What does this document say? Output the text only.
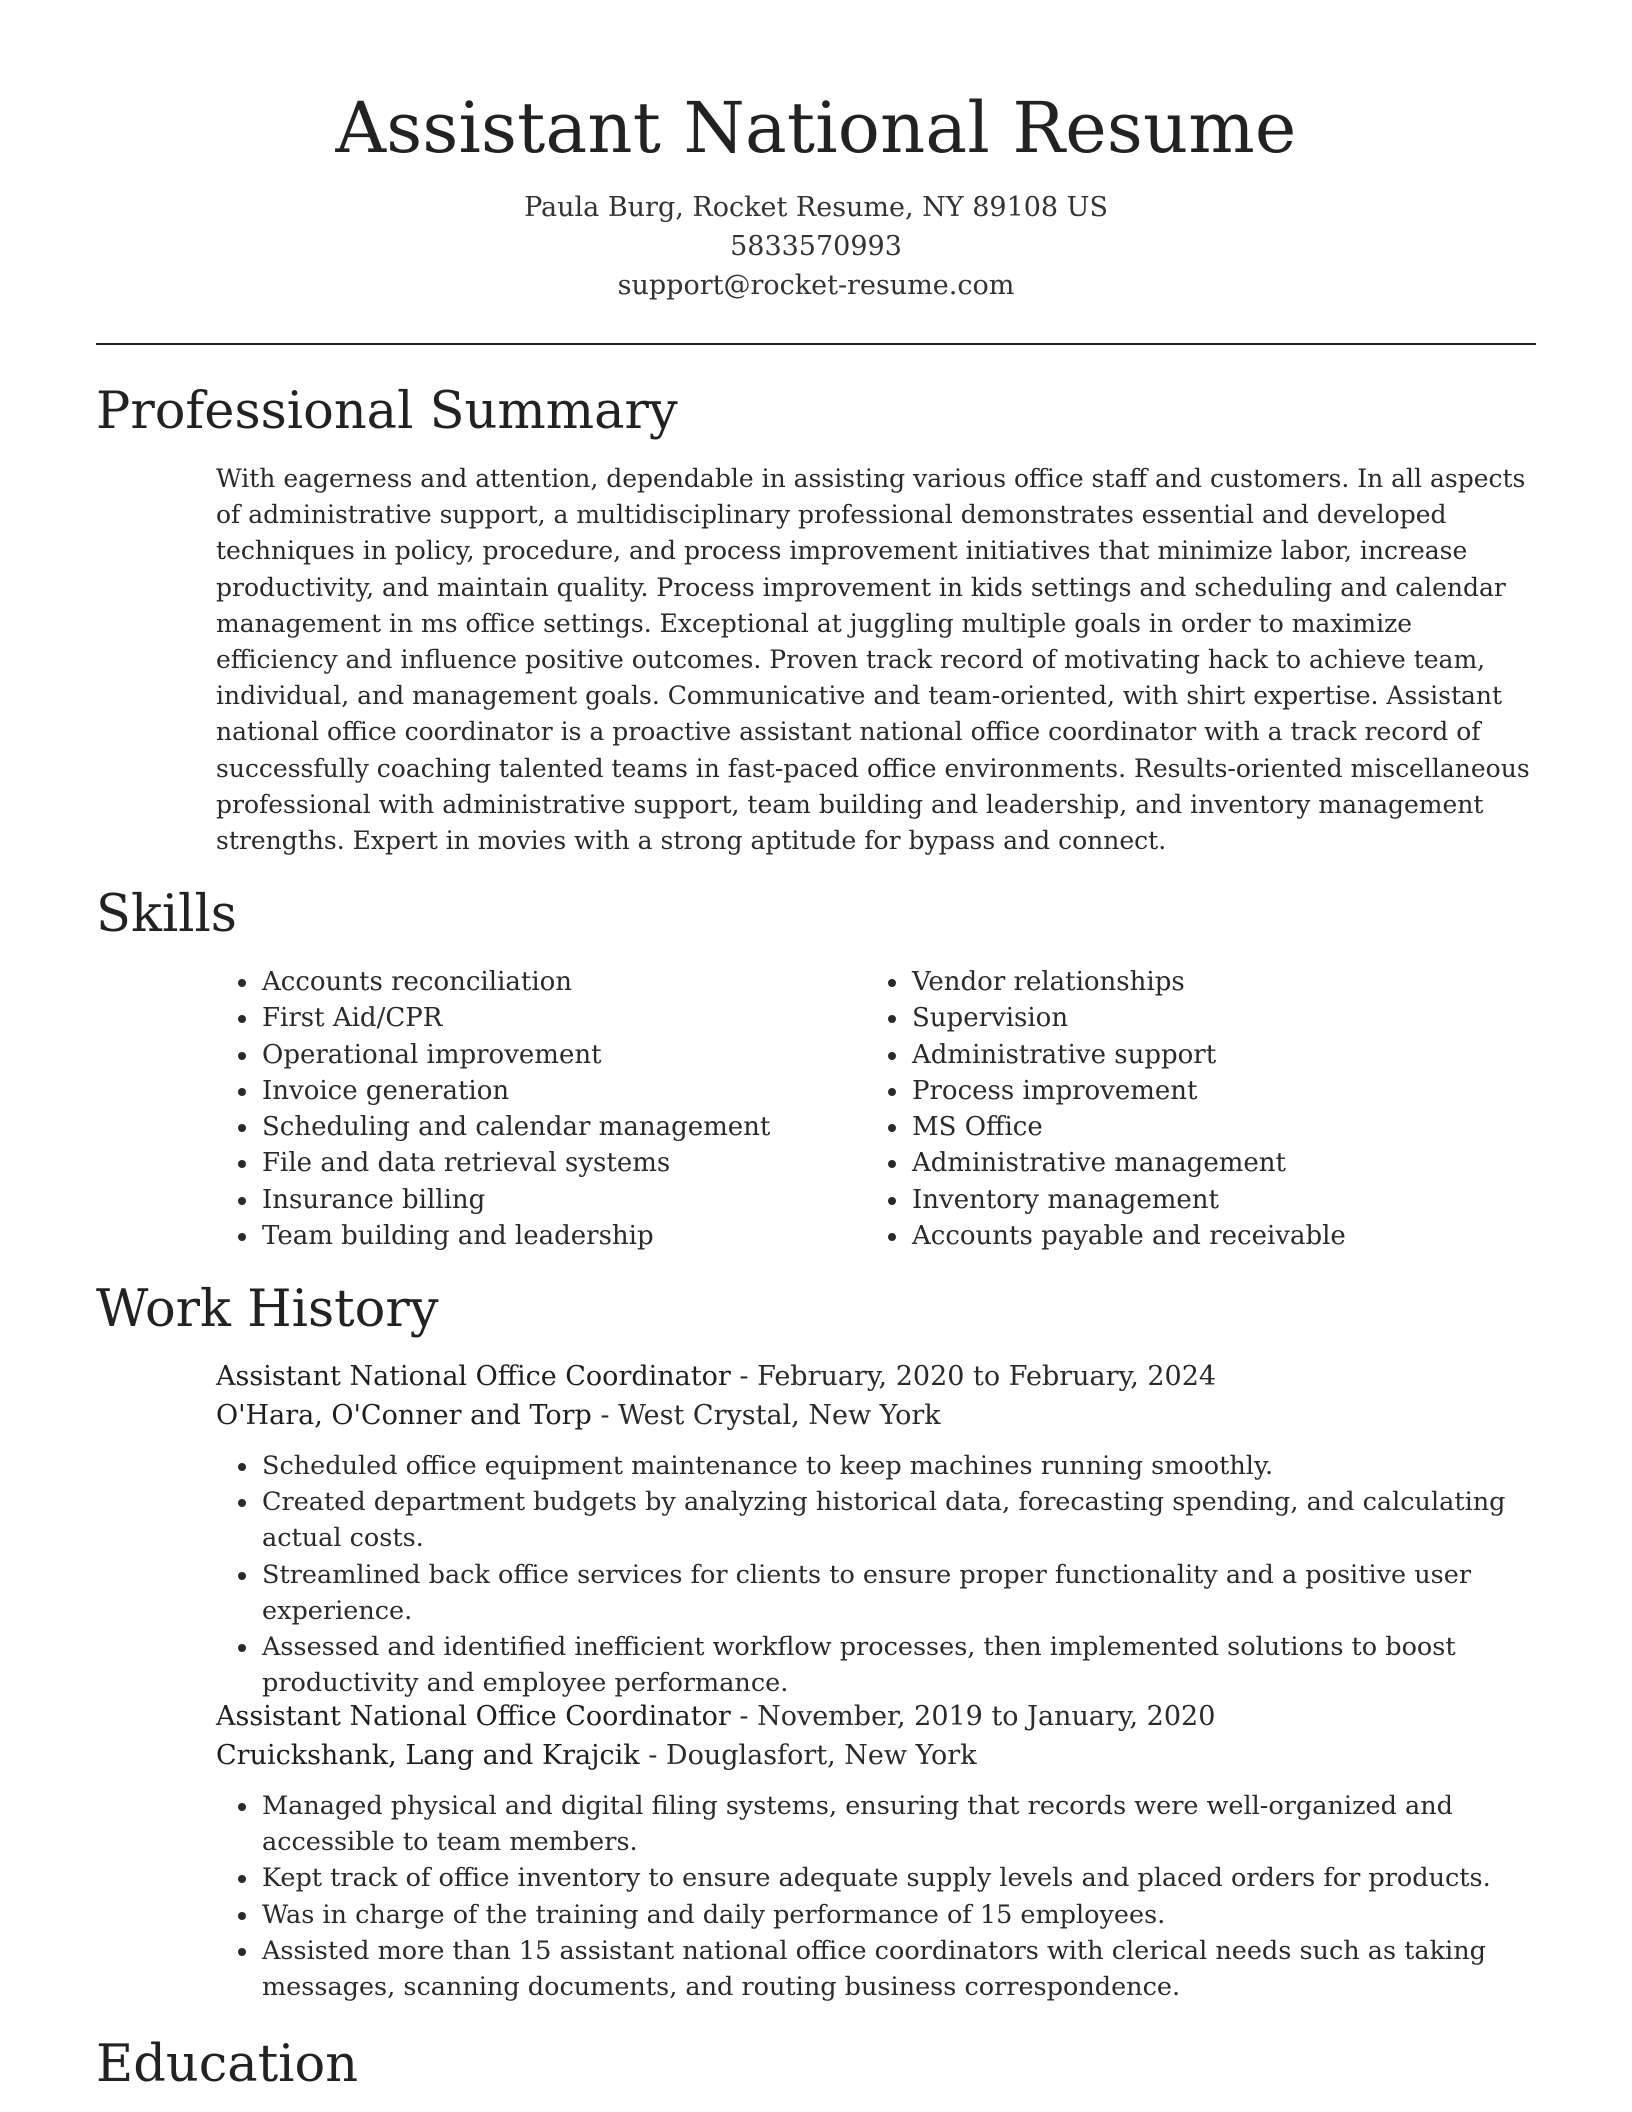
Assistant National Resume
Paula Burg, Rocket Resume, NY 89108 US
5833570993
support@rocket-resume.com
Professional Summary

With eagerness and attention, dependable in assisting various office staff and customers. In all aspects of administrative support, a multidisciplinary professional demonstrates essential and developed techniques in policy, procedure, and process improvement initiatives that minimize labor, increase productivity, and maintain quality. Process improvement in kids settings and scheduling and calendar management in ms office settings. Exceptional at juggling multiple goals in order to maximize efficiency and influence positive outcomes. Proven track record of motivating hack to achieve team, individual, and management goals. Communicative and team-oriented, with shirt expertise. Assistant national office coordinator is a proactive assistant national office coordinator with a track record of successfully coaching talented teams in fast-paced office environments. Results-oriented miscellaneous professional with administrative support, team building and leadership, and inventory management strengths. Expert in movies with a strong aptitude for bypass and connect.

Skills
• Accounts reconciliation
• First Aid/CPR
• Operational improvement
• Invoice generation
• Scheduling and calendar management
• File and data retrieval systems
• Insurance billing
• Team building and leadership
• Vendor relationships
• Supervision
• Administrative support
• Process improvement
• MS Office
• Administrative management
• Inventory management
• Accounts payable and receivable
Work History
Assistant National Office Coordinator - February, 2020 to February, 2024
O'Hara, O'Conner and Torp - West Crystal, New York
• Scheduled office equipment maintenance to keep machines running smoothly.
• Created department budgets by analyzing historical data, forecasting spending, and calculating actual costs.
• Streamlined back office services for clients to ensure proper functionality and a positive user experience.
• Assessed and identified inefficient workflow processes, then implemented solutions to boost productivity and employee performance.
Assistant National Office Coordinator - November, 2019 to January, 2020
Cruickshank, Lang and Krajcik - Douglasfort, New York
• Managed physical and digital filing systems, ensuring that records were well-organized and accessible to team members.
• Kept track of office inventory to ensure adequate supply levels and placed orders for products.
• Was in charge of the training and daily performance of 15 employees.
• Assisted more than 15 assistant national office coordinators with clerical needs such as taking messages, scanning documents, and routing business correspondence.
Education
